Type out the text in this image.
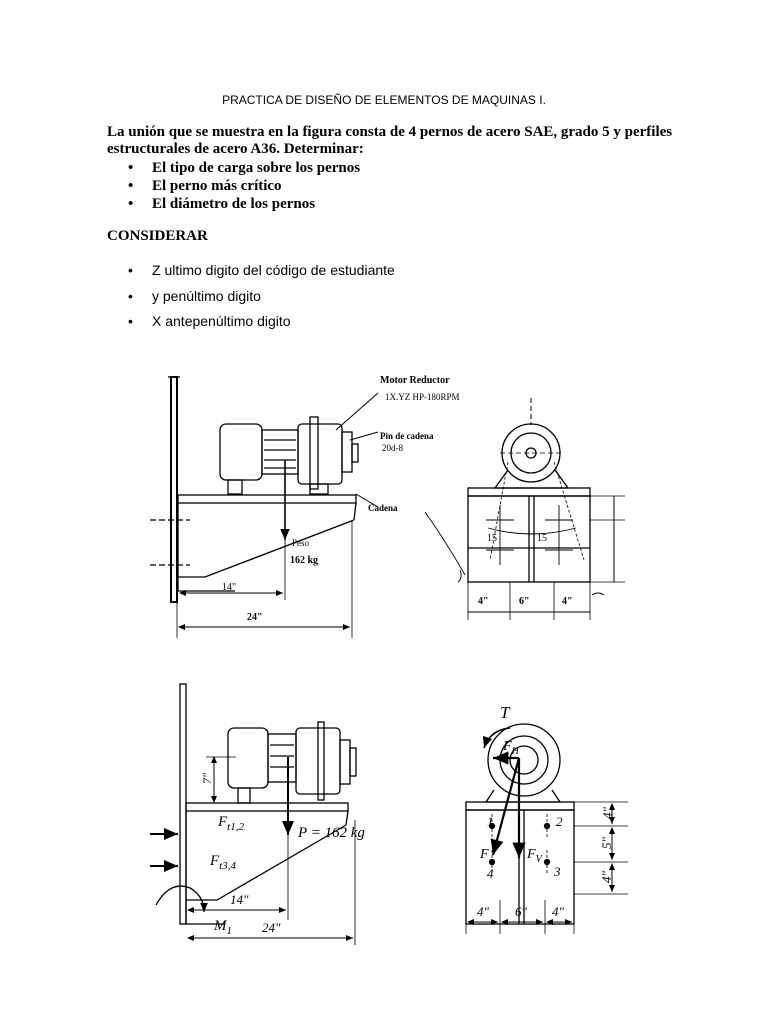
PRACTICA DE DISEÑO DE ELEMENTOS DE MAQUINAS I.
La unión que se muestra en la figura consta de 4 pernos de acero SAE, grado 5 y perfiles estructurales de acero A36. Determinar:
• El tipo de carga sobre los pernos
• El perno más crítico
• El diámetro de los pernos
CONSIDERAR
• Z ultimo digito del código de estudiante
• y penúltimo digito
• X antepenúltimo digito
Motor Reductor
1X.YZ HP-180RPM
Pin de cadena
20d-8
Cadena
Peso
162 kg
14"
24"
15	15
4"	6"	4"
7"
P = 162 kg
$F_{t1,2}$
$F_{t3,4}$
$M_1$
14"
24"
1	2
3
4
T
$F_H$
F	$F_V$
4"
5"
4"
4" 6" 4"
